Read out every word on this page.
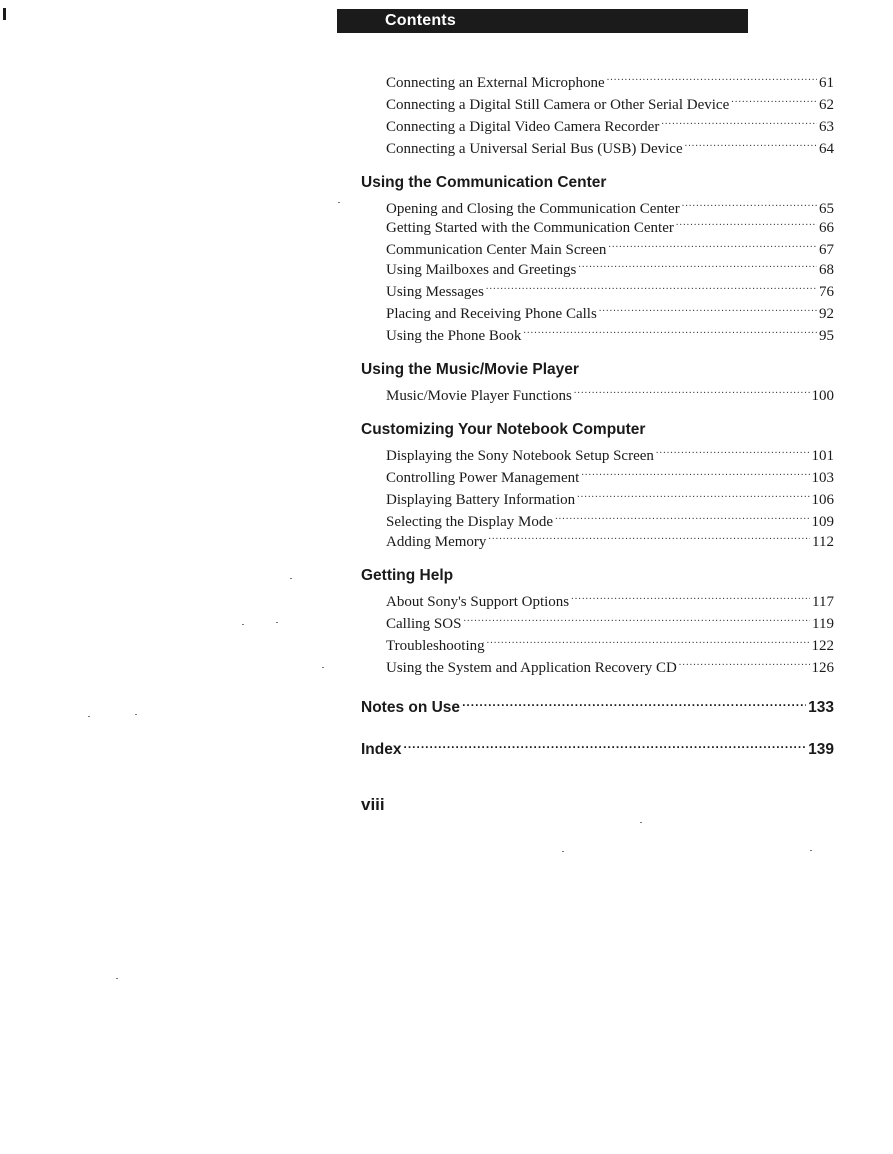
Contents
Connecting an External Microphone .....	61
Connecting a Digital Still Camera or Other Serial Device .....	62
Connecting a Digital Video Camera Recorder .....	63
Connecting a Universal Serial Bus (USB) Device .....	64
Using the Communication Center
Opening and Closing the Communication Center .....	65
Getting Started with the Communication Center .....	66
Communication Center Main Screen .....	67
Using Mailboxes and Greetings .....	68
Using Messages .....	76
Placing and Receiving Phone Calls .....	92
Using the Phone Book .....	95
Using the Music/Movie Player
Music/Movie Player Functions .....	100
Customizing Your Notebook Computer
Displaying the Sony Notebook Setup Screen .....	101
Controlling Power Management .....	103
Displaying Battery Information .....	106
Selecting the Display Mode .....	109
Adding Memory .....	112
Getting Help
About Sony's Support Options .....	117
Calling SOS .....	119
Troubleshooting .....	122
Using the System and Application Recovery CD .....	126
Notes on Use .....	133
Index .....	139
viii
